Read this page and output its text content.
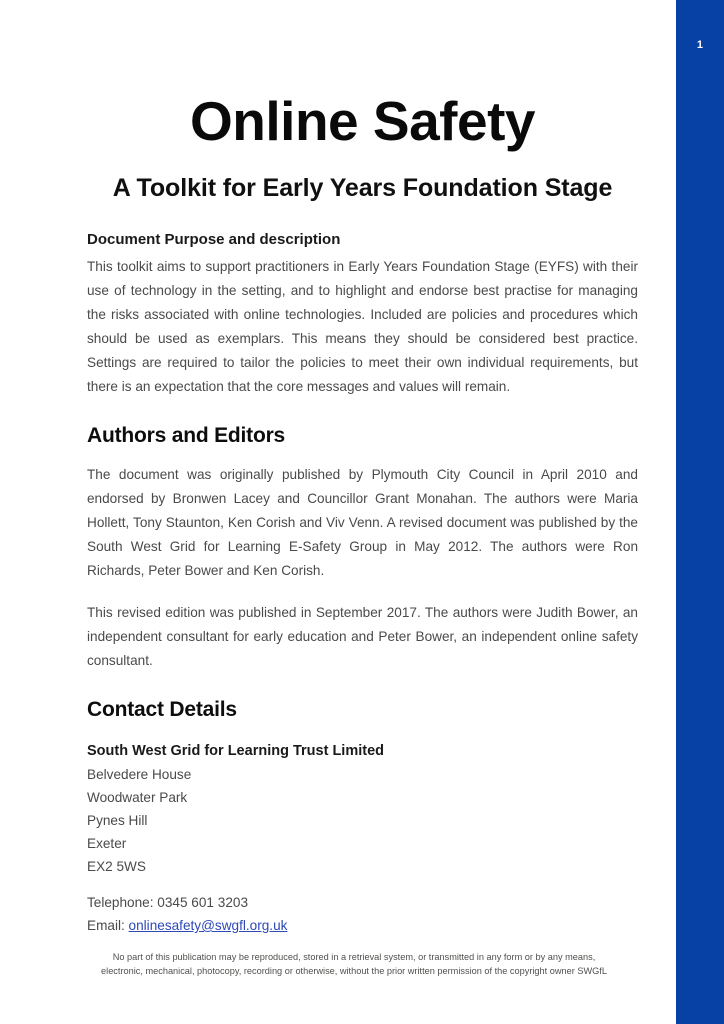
1
Online Safety
A Toolkit for Early Years Foundation Stage
Document Purpose and description

This toolkit aims to support practitioners in Early Years Foundation Stage (EYFS) with their use of technology in the setting, and to highlight and endorse best practise for managing the risks associated with online technologies. Included are policies and procedures which should be used as exemplars. This means they should be considered best practice. Settings are required to tailor the policies to meet their own individual requirements, but there is an expectation that the core messages and values will remain.

Authors and Editors

The document was originally published by Plymouth City Council in April 2010 and endorsed by Bronwen Lacey and Councillor Grant Monahan. The authors were Maria Hollett, Tony Staunton, Ken Corish and Viv Venn. A revised document was published by the South West Grid for Learning E-Safety Group in May 2012. The authors were Ron Richards, Peter Bower and Ken Corish.

This revised edition was published in September 2017. The authors were Judith Bower, an independent consultant for early education and Peter Bower, an independent online safety consultant.

Contact Details

South West Grid for Learning Trust Limited

Belvedere House

Woodwater Park

Pynes Hill

Exeter

EX2 5WS

Telephone: 0345 601 3203

Email: onlinesafety@swgfl.org.uk

No part of this publication may be reproduced, stored in a retrieval system, or transmitted in any form or by any means,
electronic, mechanical, photocopy, recording or otherwise, without the prior written permission of the copyright owner SWGfL
